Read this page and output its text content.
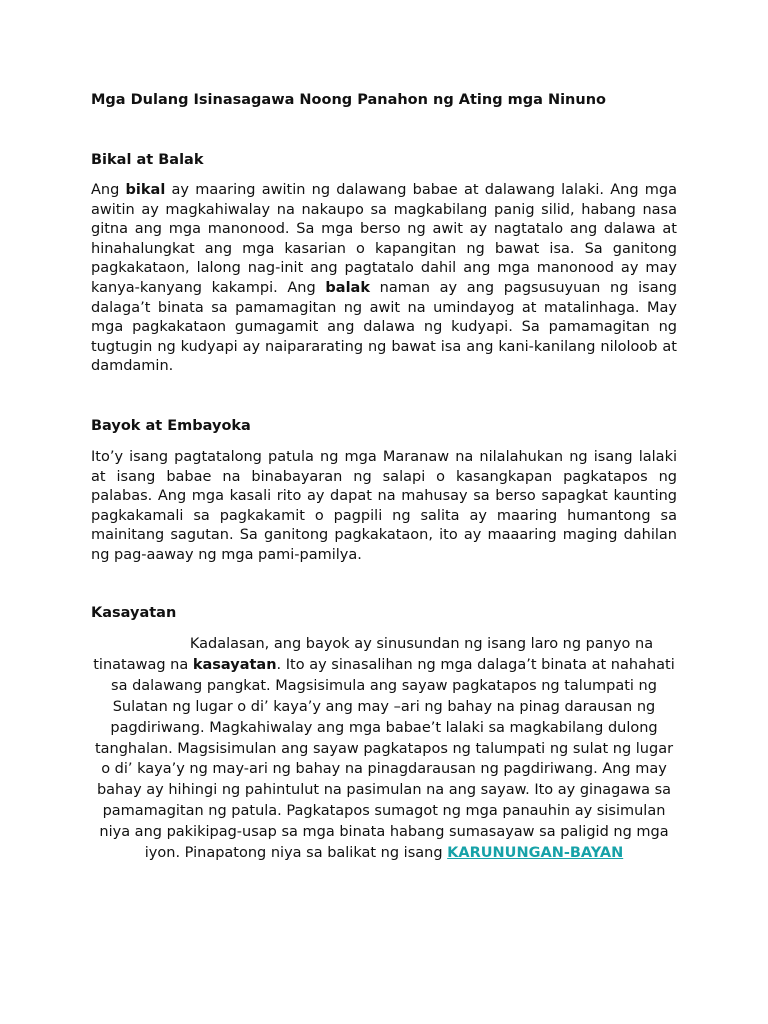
Mga Dulang Isinasagawa Noong Panahon ng Ating mga Ninuno
Bikal at Balak

Ang bikal ay maaring awitin ng dalawang babae at dalawang lalaki. Ang mga awitin ay magkahiwalay na nakaupo sa magkabilang panig silid, habang nasa gitna ang mga manonood. Sa mga berso ng awit ay nagtatalo ang dalawa at hinahalungkat ang mga kasarian o kapangitan ng bawat isa. Sa ganitong pagkakataon, lalong nag-init ang pagtatalo dahil ang mga manonood ay may kanya-kanyang kakampi. Ang balak naman ay ang pagsusuyuan ng isang dalaga’t binata sa pamamagitan ng awit na umindayog at matalinhaga. May mga pagkakataon gumagamit ang dalawa ng kudyapi. Sa pamamagitan ng tugtugin ng kudyapi ay naipararating ng bawat isa ang kani-kanilang niloloob at damdamin.

Bayok at Embayoka

Ito’y isang pagtatalong patula ng mga Maranaw na nilalahukan ng isang lalaki at isang babae na binabayaran ng salapi o kasangkapan pagkatapos ng palabas. Ang mga kasali rito ay dapat na mahusay sa berso sapagkat kaunting pagkakamali sa pagkakamit o pagpili ng salita ay maaring humantong sa mainitang sagutan. Sa ganitong pagkakataon, ito ay maaaring maging dahilan ng pag-aaway ng mga pami-pamilya.

Kasayatan

Kadalasan, ang bayok ay sinusundan ng isang laro ng panyo na tinatawag na kasayatan. Ito ay sinasalihan ng mga dalaga’t binata at nahahati sa dalawang pangkat. Magsisimula ang sayaw pagkatapos ng talumpati ng Sulatan ng lugar o di’ kaya’y ang may –ari ng bahay na pinag darausan ng pagdiriwang. Magkahiwalay ang mga babae’t lalaki sa magkabilang dulong tanghalan. Magsisimulan ang sayaw pagkatapos ng talumpati ng sulat ng lugar o di’ kaya’y ng may-ari ng bahay na pinagdarausan ng pagdiriwang. Ang may bahay ay hihingi ng pahintulut na pasimulan na ang sayaw. Ito ay ginagawa sa pamamagitan ng patula. Pagkatapos sumagot ng mga panauhin ay sisimulan niya ang pakikipag-usap sa mga binata habang sumasayaw sa paligid ng mga iyon. Pinapatong niya sa balikat ng isang KARUNUNGAN-BAYAN
